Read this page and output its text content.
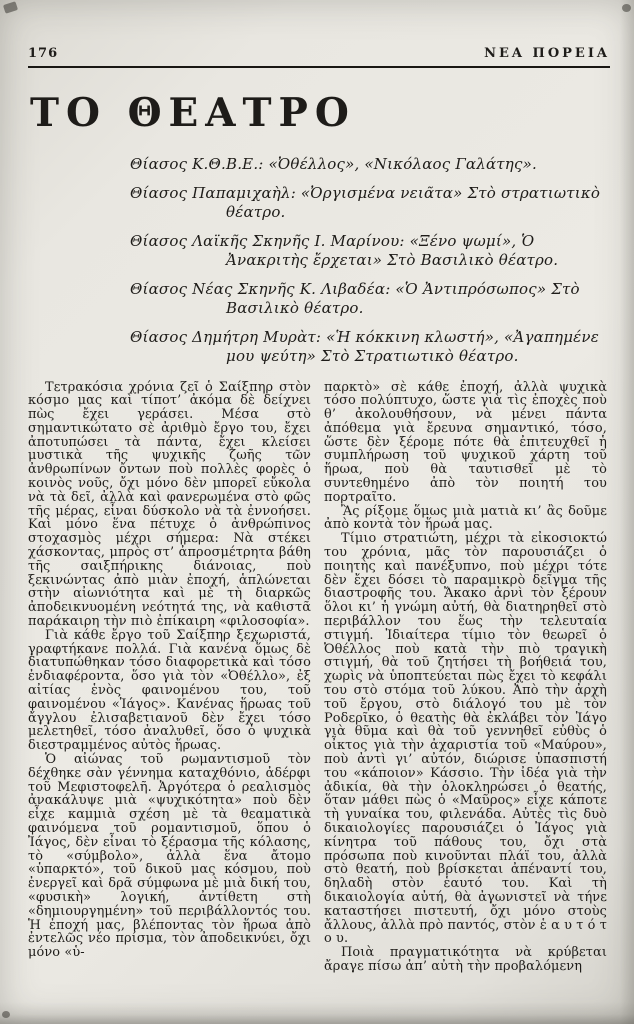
176	ΝΕΑ ΠΟΡΕΙΑ
ΤΟ ΘΕΑΤΡΟ

Θίασος Κ.Θ.Β.Ε.: «Ὀθέλλος», «Νικόλαος Γαλάτης».

Θίασος Παπαμιχαὴλ: «Ὀργισμένα νειᾶτα» Στὸ στρατιωτικὸ θέατρο.

Θίασος Λαϊκῆς Σκηνῆς Ι. Μαρίνου: «Ξένο ψωμί», Ὁ Ἀνακριτὴς ἔρχεται» Στὸ Βασιλικὸ θέατρο.

Θίασος Νέας Σκηνῆς Κ. Λιβαδέα: «Ὁ Ἀντιπρόσωπος» Στὸ Βασιλικὸ θέατρο.

Θίασος Δημήτρη Μυρὰτ: «Ἡ κόκκινη κλωστή», «Ἀγαπημένε μου ψεύτη» Στὸ Στρατιωτικὸ θέατρο.

Τετρακόσια χρόνια ζεῖ ὁ Σαίξπηρ στὸν κόσμο μας καὶ τίποτ’ ἀκόμα δὲ δείχνει πὼς ἔχει γεράσει. Μέσα στὸ σημαντικώτατο σὲ ἀριθμὸ ἔργο του, ἔχει ἀποτυπώσει τὰ πάντα, ἔχει κλείσει μυστικὰ τῆς ψυχικῆς ζωῆς τῶν ἀνθρωπίνων ὄντων ποὺ πολλὲς φορὲς ὁ κοινὸς νοῦς, ὄχι μόνο δὲν μπορεῖ εὔκολα νὰ τὰ δεῖ, ἀλλὰ καὶ φανερωμένα στὸ φῶς τῆς μέρας, εἶναι δύσκολο νὰ τὰ ἐννοήσει. Καὶ μόνο ἕνα πέτυχε ὁ ἀνθρώπινος στοχασμὸς μέχρι σήμερα: Νὰ στέκει χάσκοντας, μπρὸς στ’ ἀπροσμέτρητα βάθη τῆς σαιξπήρικης διάνοιας, ποὺ ξεκινώντας ἀπὸ μιὰν ἐποχή, ἁπλώνεται στὴν αἰωνιότητα καὶ μὲ τὴ διαρκῶς ἀποδεικνυομένη νεότητά της, νὰ καθιστᾶ παράκαιρη τὴν πιὸ ἐπίκαιρη «φιλοσοφία».

Γιὰ κάθε ἔργο τοῦ Σαίξπηρ ξεχωριστά, γραφτήκανε πολλά. Γιὰ κανένα ὅμως δὲ διατυπώθηκαν τόσο διαφορετικὰ καὶ τόσο ἐνδιαφέροντα, ὅσο γιὰ τὸν «Ὀθέλλο», ἐξ αἰτίας ἑνὸς φαινομένου του, τοῦ φαινομένου «Ἰάγος». Κανένας ἥρωας τοῦ ἄγγλου ἐλισαβετιανοῦ δὲν ἔχει τόσο μελετηθεῖ, τόσο ἀναλυθεῖ, ὅσο ὁ ψυχικὰ διεστραμμένος αὐτὸς ἥρωας.

Ὁ αἰώνας τοῦ ρωμαντισμοῦ τὸν δέχθηκε σὰν γέννημα καταχθόνιο, ἀδέρφι τοῦ Μεφιστοφελῆ. Ἀργότερα ὁ ρεαλισμὸς ἀνακάλυψε μιὰ «ψυχικότητα» ποὺ δὲν εἶχε καμμιὰ σχέση μὲ τὰ θεαματικὰ φαινόμενα τοῦ ρομαντισμοῦ, ὅπου ὁ Ἰάγος, δὲν εἶναι τὸ ξέρασμα τῆς κόλασης, τὸ «σύμβολο», ἀλλὰ ἕνα ἄτομο «ὑπαρκτό», τοῦ δικοῦ μας κόσμου, ποὺ ἐνεργεῖ καὶ δρᾶ σύμφωνα μὲ μιὰ δική του, «φυσικὴ» λογική, ἀντίθετη στὴ «δημιουργημένη» τοῦ περιβάλλοντός του. Ἡ ἐποχή μας, βλέποντας τὸν ἥρωα ἀπὸ ἐντελῶς νέο πρίσμα, τὸν ἀποδεικνύει, ὄχι μόνο «ὑ-

παρκτὸ» σὲ κάθε ἐποχή, ἀλλὰ ψυχικὰ τόσο πολύπτυχο, ὥστε γιὰ τὶς ἐποχὲς ποὺ θ’ ἀκολουθήσουν, νὰ μένει πάντα ἀπόθεμα γιὰ ἔρευνα σημαντικό, τόσο, ὥστε δὲν ξέρομε πότε θὰ ἐπιτευχθεῖ ἡ συμπλήρωση τοῦ ψυχικοῦ χάρτη τοῦ ἥρωα, ποὺ θὰ ταυτισθεῖ μὲ τὸ συντεθημένο ἀπὸ τὸν ποιητή του πορτραῖτο.

Ἂς ρίξομε ὅμως μιὰ ματιὰ κι’ ἂς δοῦμε ἀπὸ κοντὰ τὸν ἥρωά μας.

Τίμιο στρατιώτη, μέχρι τὰ εἰκοσιοκτώ του χρόνια, μᾶς τὸν παρουσιάζει ὁ ποιητὴς καὶ πανέξυπνο, ποὺ μέχρι τότε δὲν ἔχει δόσει τὸ παραμικρὸ δεῖγμα τῆς διαστροφῆς του. Ἄκακο ἀρνὶ τὸν ξέρουν ὅλοι κι’ ἡ γνώμη αὐτή, θὰ διατηρηθεῖ στὸ περιβάλλον του ἕως τὴν τελευταία στιγμή. Ἰδιαίτερα τίμιο τὸν θεωρεῖ ὁ Ὀθέλλος ποὺ κατὰ τὴν πιὸ τραγικὴ στιγμή, θὰ τοῦ ζητήσει τὴ βοήθειά του, χωρὶς νὰ ὑποπτεύεται πὼς ἔχει τὸ κεφάλι του στὸ στόμα τοῦ λύκου. Ἀπὸ τὴν ἀρχὴ τοῦ ἔργου, στὸ διάλογό του μὲ τὸν Ροδερῖκο, ὁ θεατὴς θὰ ἐκλάβει τὸν Ἰάγο γιὰ θῦμα καὶ θὰ τοῦ γεννηθεῖ εὐθὺς ὁ οἶκτος γιὰ τὴν ἀχαριστία τοῦ «Μαύρου», ποὺ ἀντὶ γι’ αὐτόν, διώρισε ὑπασπιστή του «κάποιον» Κάσσιο. Τὴν ἰδέα γιὰ τὴν ἀδικία, θὰ τὴν ὁλοκληρώσει ὁ θεατής, ὅταν μάθει πὼς ὁ «Μαῦρος» εἶχε κάποτε τὴ γυναίκα του, φιλενάδα. Αὐτὲς τὶς δυὸ δικαιολογίες παρουσιάζει ὁ Ἰάγος γιὰ κίνητρα τοῦ πάθους του, ὄχι στὰ πρόσωπα ποὺ κινοῦνται πλάϊ του, ἀλλὰ στὸ θεατή, ποὺ βρίσκεται ἀπέναντί του, δηλαδὴ στὸν ἑαυτό του. Καὶ τὴ δικαιολογία αὐτή, θὰ ἀγωνιστεῖ νὰ τήνε καταστήσει πιστευτή, ὄχι μόνο στοὺς ἄλλους, ἀλλὰ πρὸ παντός, στὸν ἑ α υ τ ό τ ο υ.

Ποιὰ πραγματικότητα νὰ κρύβεται ἄραγε πίσω ἀπ’ αὐτὴ τὴν προβαλόμενη
